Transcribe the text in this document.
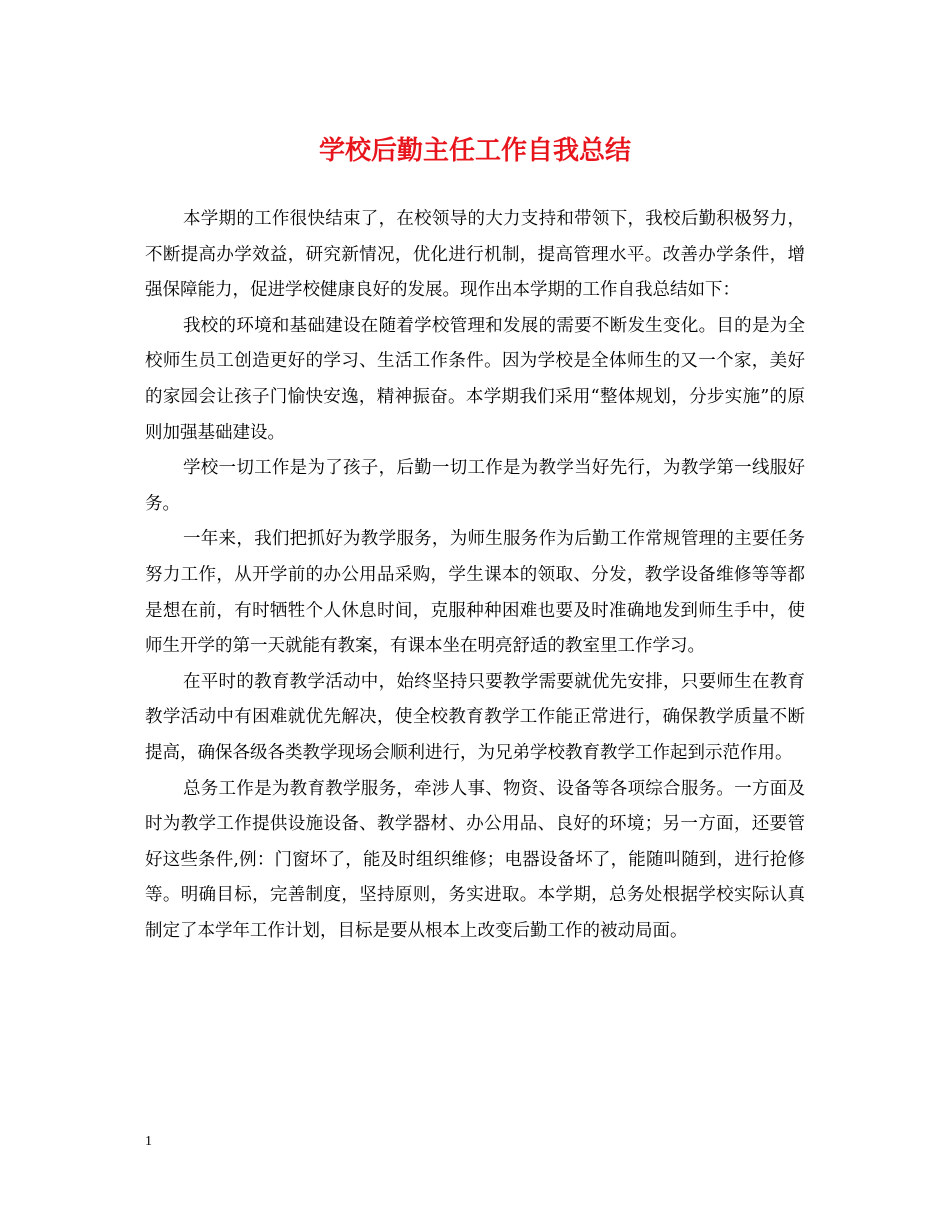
学校后勤主任工作自我总结

本学期的工作很快结束了，在校领导的大力支持和带领下，我校后勤积极努力，不断提高办学效益，研究新情况，优化进行机制，提高管理水平。改善办学条件，增强保障能力，促进学校健康良好的发展。现作出本学期的工作自我总结如下：

我校的环境和基础建设在随着学校管理和发展的需要不断发生变化。目的是为全校师生员工创造更好的学习、生活工作条件。因为学校是全体师生的又一个家，美好的家园会让孩子门愉快安逸，精神振奋。本学期我们采用“整体规划，分步实施”的原则加强基础建设。

学校一切工作是为了孩子，后勤一切工作是为教学当好先行，为教学第一线服好务。

一年来，我们把抓好为教学服务，为师生服务作为后勤工作常规管理的主要任务努力工作，从开学前的办公用品采购，学生课本的领取、分发，教学设备维修等等都是想在前，有时牺牲个人休息时间，克服种种困难也要及时准确地发到师生手中，使师生开学的第一天就能有教案，有课本坐在明亮舒适的教室里工作学习。

在平时的教育教学活动中，始终坚持只要教学需要就优先安排，只要师生在教育教学活动中有困难就优先解决，使全校教育教学工作能正常进行，确保教学质量不断提高，确保各级各类教学现场会顺利进行，为兄弟学校教育教学工作起到示范作用。

总务工作是为教育教学服务，牵涉人事、物资、设备等各项综合服务。一方面及时为教学工作提供设施设备、教学器材、办公用品、良好的环境；另一方面，还要管好这些条件,例：门窗坏了，能及时组织维修；电器设备坏了，能随叫随到，进行抢修等。明确目标，完善制度，坚持原则，务实进取。本学期，总务处根据学校实际认真制定了本学年工作计划，目标是要从根本上改变后勤工作的被动局面。

1
